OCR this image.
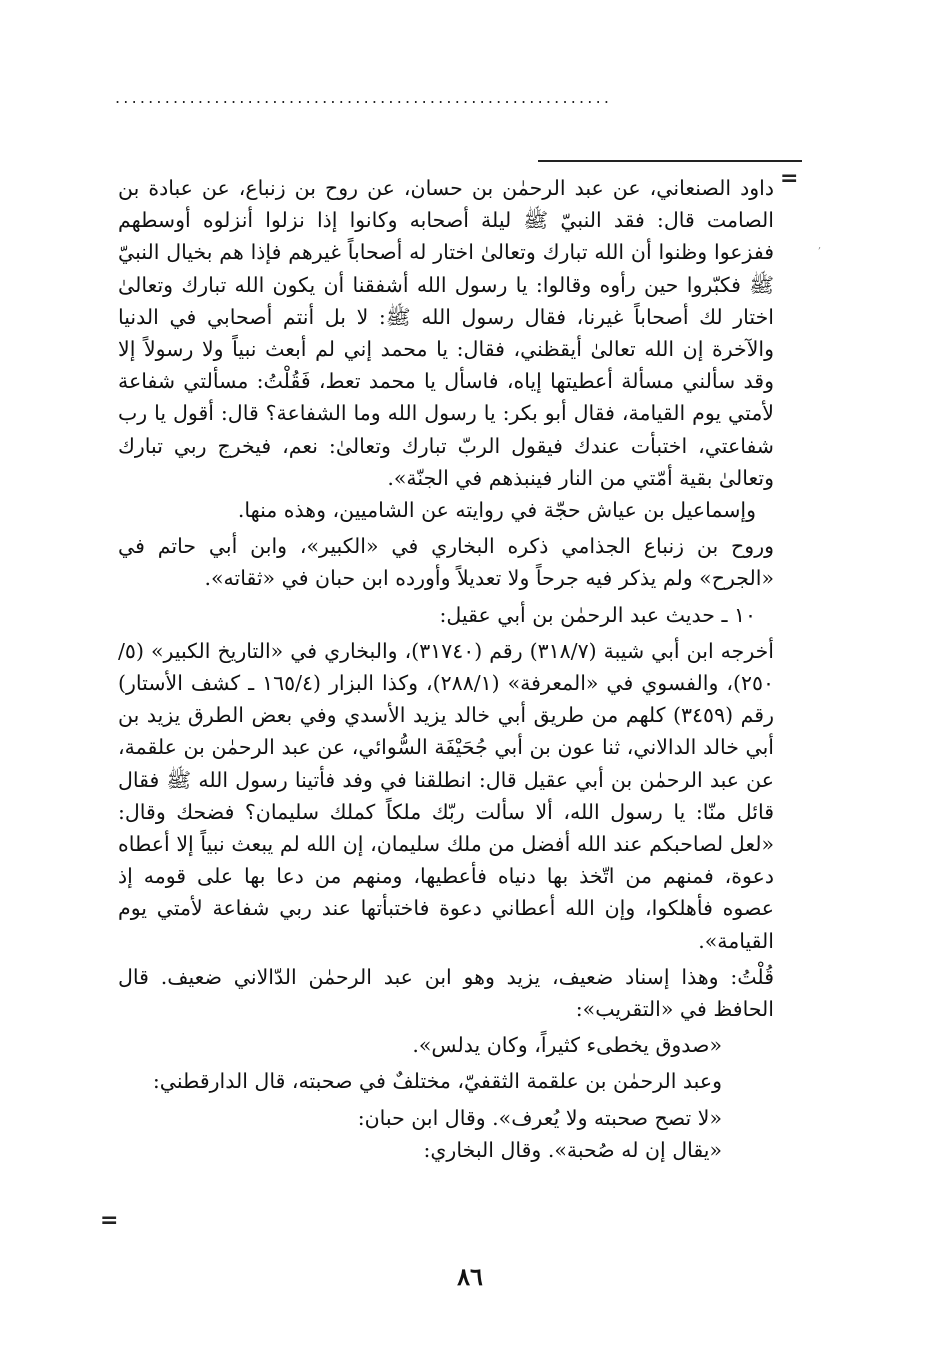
............................................................
=
,

داود الصنعاني، عن عبد الرحمٰن بن حسان، عن روح بن زنباع، عن عبادة بن الصامت قال: فقد النبيّ ﷺ ليلة أصحابه وكانوا إذا نزلوا أنزلوه أوسطهم ففزعوا وظنوا أن الله تبارك وتعالىٰ اختار له أصحاباً غيرهم فإذا هم بخيال النبيّ ﷺ فكبّروا حين رأوه وقالوا: يا رسول الله أشفقنا أن يكون الله تبارك وتعالىٰ اختار لك أصحاباً غيرنا، فقال رسول الله ﷺ: لا بل أنتم أصحابي في الدنيا والآخرة إن الله تعالىٰ أيقظني، فقال: يا محمد إني لم أبعث نبياً ولا رسولاً إلا وقد سألني مسألة أعطيتها إياه، فاسأل يا محمد تعط، فَقُلْتُ: مسألتي شفاعة لأمتي يوم القيامة، فقال أبو بكر: يا رسول الله وما الشفاعة؟ قال: أقول يا رب شفاعتي، اختبأت عندك فيقول الربّ تبارك وتعالىٰ: نعم، فيخرج ربي تبارك وتعالىٰ بقية أمّتي من النار فينبذهم في الجنّة».

وإسماعيل بن عياش حجّة في روايته عن الشاميين، وهذه منها.

وروح بن زنباع الجذامي ذكره البخاري في «الكبير»، وابن أبي حاتم في «الجرح» ولم يذكر فيه جرحاً ولا تعديلاً وأورده ابن حبان في «ثقاته».

١٠ ـ حديث عبد الرحمٰن بن أبي عقيل:

أخرجه ابن أبي شيبة (٣١٨/٧) رقم (٣١٧٤٠)، والبخاري في «التاريخ الكبير» (٥/ ٢٥٠)، والفسوي في «المعرفة» (٢٨٨/١)، وكذا البزار (١٦٥/٤ ـ كشف الأستار) رقم (٣٤٥٩) كلهم من طريق أبي خالد يزيد الأسدي وفي بعض الطرق يزيد بن أبي خالد الدالاني، ثنا عون بن أبي جُحَيْفَة السُّوائي، عن عبد الرحمٰن بن علقمة، عن عبد الرحمٰن بن أبي عقيل قال: انطلقنا في وفد فأتينا رسول الله ﷺ فقال قائل منّا: يا رسول الله، ألا سألت ربّك ملكاً كملك سليمان؟ فضحك وقال: «لعل لصاحبكم عند الله أفضل من ملك سليمان، إن الله لم يبعث نبياً إلا أعطاه دعوة، فمنهم من اتّخذ بها دنياه فأعطيها، ومنهم من دعا بها على قومه إذ عصوه فأهلكوا، وإن الله أعطاني دعوة فاختبأتها عند ربي شفاعة لأمتي يوم القيامة».

قُلْتُ: وهذا إسناد ضعيف، يزيد وهو ابن عبد الرحمٰن الدّالاني ضعيف. قال الحافظ في «التقريب»:

«صدوق يخطىء كثيراً، وكان يدلس».

وعبد الرحمٰن بن علقمة الثقفيّ، مختلفٌ في صحبته، قال الدارقطني:

«لا تصح صحبته ولا يُعرف». وقال ابن حبان:

«يقال إن له صُحبة». وقال البخاري:

=
٨٦
